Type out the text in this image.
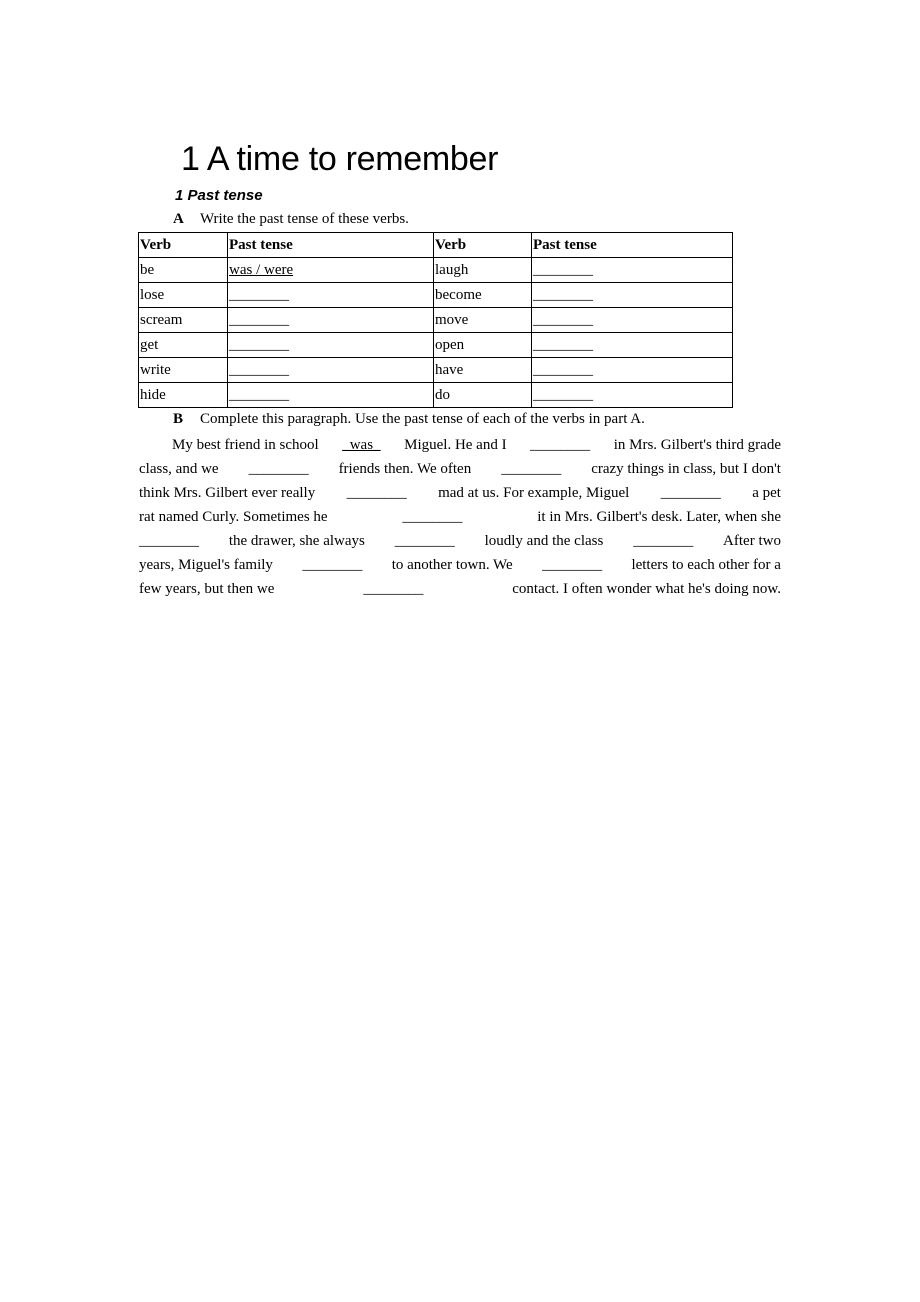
1 A time to remember
1 Past tense
A Write the past tense of these verbs.
Verb	Past tense	Verb	Past tense
be	was / were	laugh	________
lose	________	become	________
scream	________	move	________
get	________	open	________
write	________	have	________
hide	________	do	________
B Complete this paragraph. Use the past tense of each of the verbs in part A.
My best friend in school _was_ Miguel. He and I ________ in Mrs. Gilbert's third grade
class, and we ________ friends then. We often ________ crazy things in class, but I don't
think Mrs. Gilbert ever really ________ mad at us. For example, Miguel ________ a pet
rat named Curly. Sometimes he	________	it in Mrs. Gilbert's desk. Later, when she
________ the drawer, she always ________ loudly and the class ________ After two
years, Miguel's family ________ to another town. We ________ letters to each other for a
few years, but then we	________	contact. I often wonder what he's doing now.
